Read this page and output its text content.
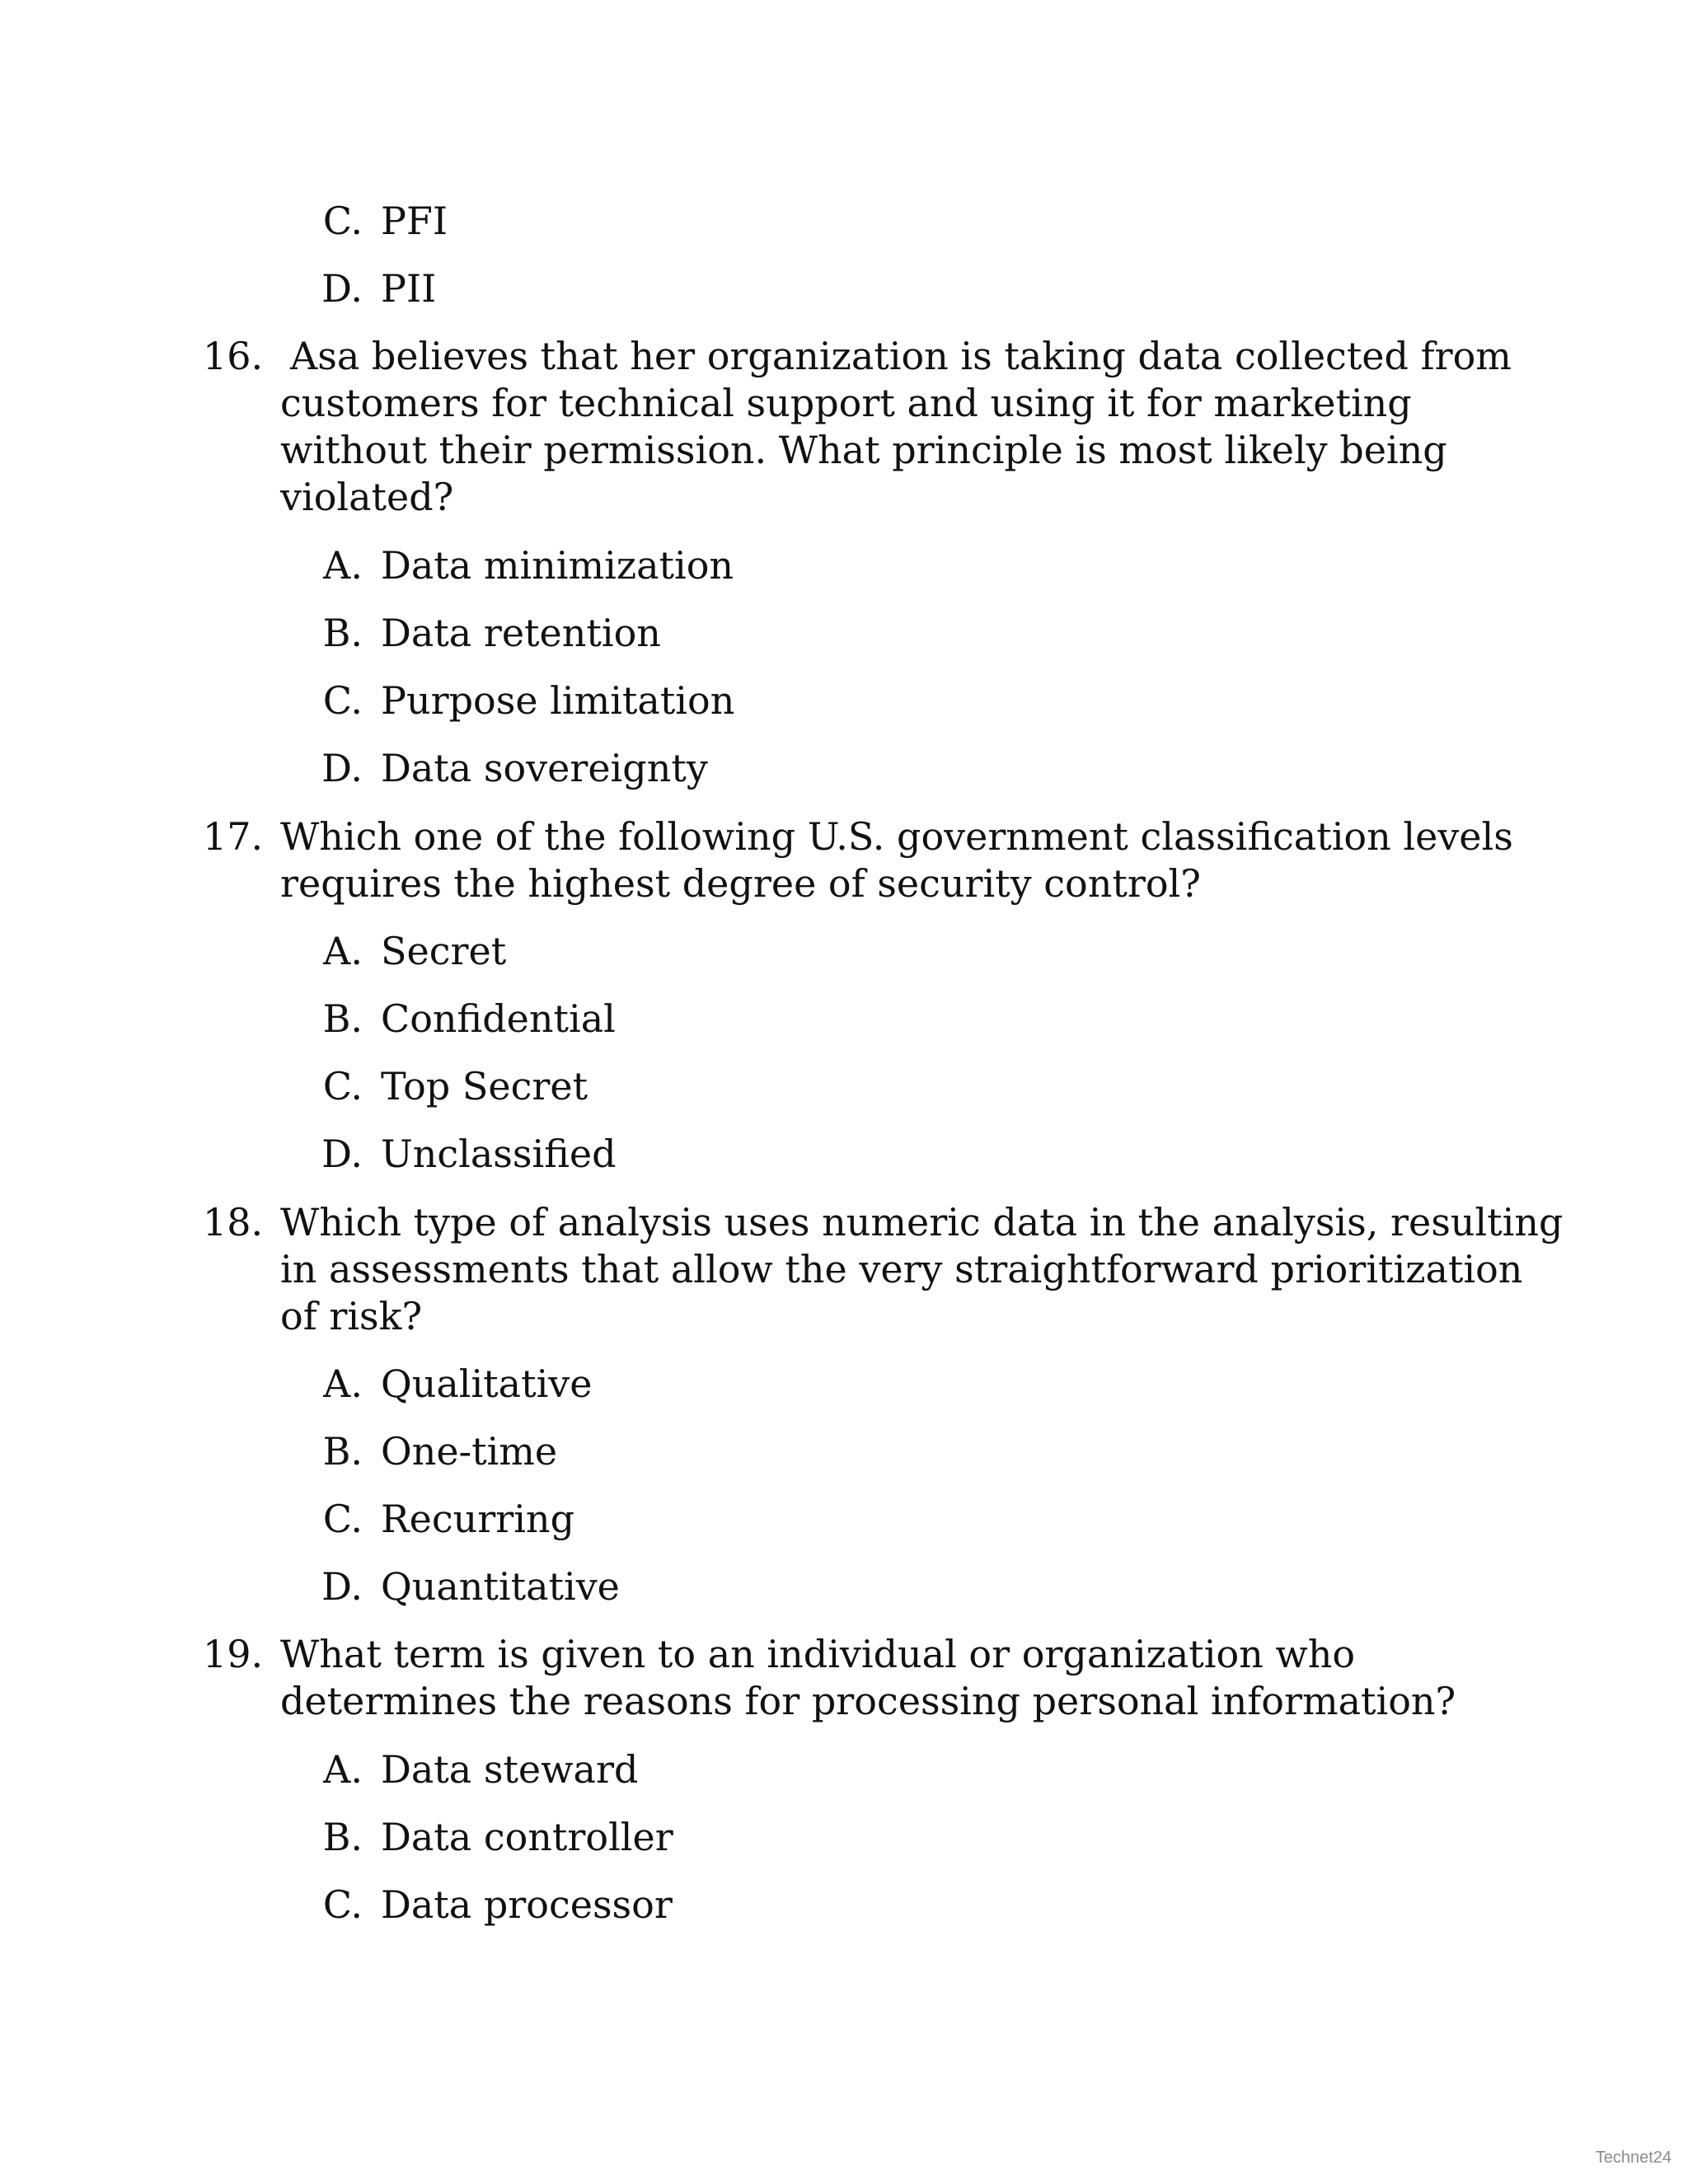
C. PFI
D. PII
16. Asa believes that her organization is taking data collected from
customers for technical support and using it for marketing
without their permission. What principle is most likely being
violated?
A. Data minimization
B. Data retention
C. Purpose limitation
D. Data sovereignty
17. Which one of the following U.S. government classification levels
requires the highest degree of security control?
A. Secret
B. Confidential
C. Top Secret
D. Unclassified
18. Which type of analysis uses numeric data in the analysis, resulting
in assessments that allow the very straightforward prioritization
of risk?
A. Qualitative
B. One-time
C. Recurring
D. Quantitative
19. What term is given to an individual or organization who
determines the reasons for processing personal information?
A. Data steward
B. Data controller
C. Data processor
Technet24
